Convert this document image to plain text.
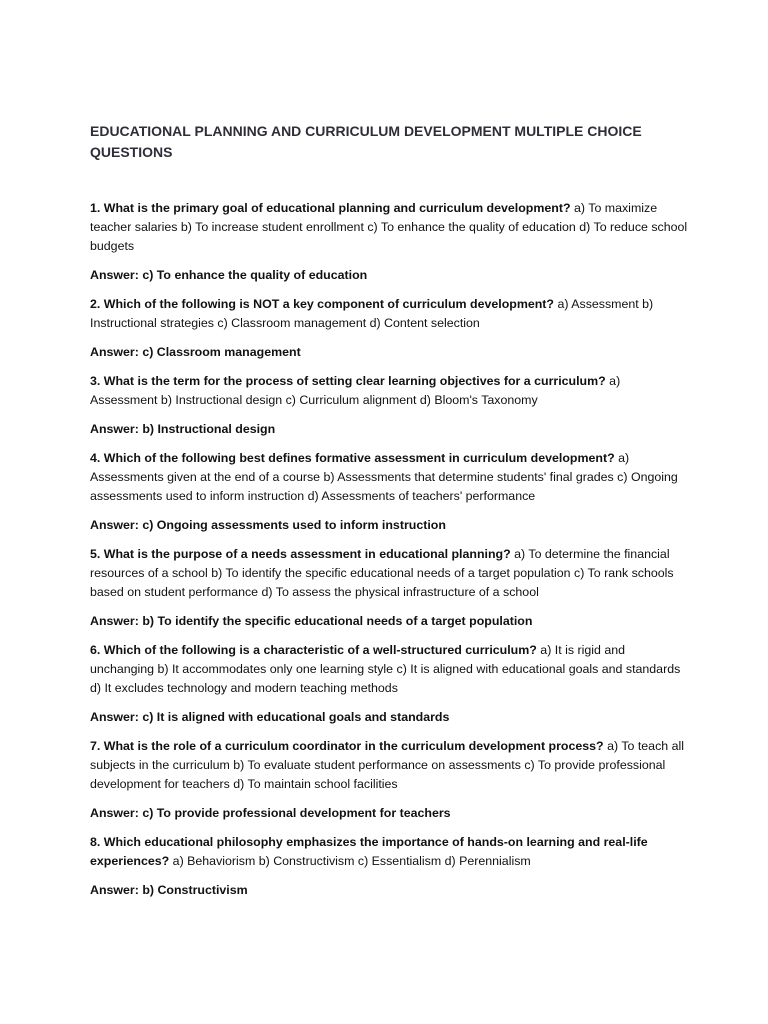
EDUCATIONAL PLANNING AND CURRICULUM DEVELOPMENT MULTIPLE CHOICE QUESTIONS

1. What is the primary goal of educational planning and curriculum development? a) To maximize teacher salaries b) To increase student enrollment c) To enhance the quality of education d) To reduce school budgets

Answer: c) To enhance the quality of education

2. Which of the following is NOT a key component of curriculum development? a) Assessment b) Instructional strategies c) Classroom management d) Content selection

Answer: c) Classroom management

3. What is the term for the process of setting clear learning objectives for a curriculum? a) Assessment b) Instructional design c) Curriculum alignment d) Bloom's Taxonomy

Answer: b) Instructional design

4. Which of the following best defines formative assessment in curriculum development? a) Assessments given at the end of a course b) Assessments that determine students' final grades c) Ongoing assessments used to inform instruction d) Assessments of teachers' performance

Answer: c) Ongoing assessments used to inform instruction

5. What is the purpose of a needs assessment in educational planning? a) To determine the financial resources of a school b) To identify the specific educational needs of a target population c) To rank schools based on student performance d) To assess the physical infrastructure of a school

Answer: b) To identify the specific educational needs of a target population

6. Which of the following is a characteristic of a well-structured curriculum? a) It is rigid and unchanging b) It accommodates only one learning style c) It is aligned with educational goals and standards d) It excludes technology and modern teaching methods

Answer: c) It is aligned with educational goals and standards

7. What is the role of a curriculum coordinator in the curriculum development process? a) To teach all subjects in the curriculum b) To evaluate student performance on assessments c) To provide professional development for teachers d) To maintain school facilities

Answer: c) To provide professional development for teachers

8. Which educational philosophy emphasizes the importance of hands-on learning and real-life experiences? a) Behaviorism b) Constructivism c) Essentialism d) Perennialism

Answer: b) Constructivism
